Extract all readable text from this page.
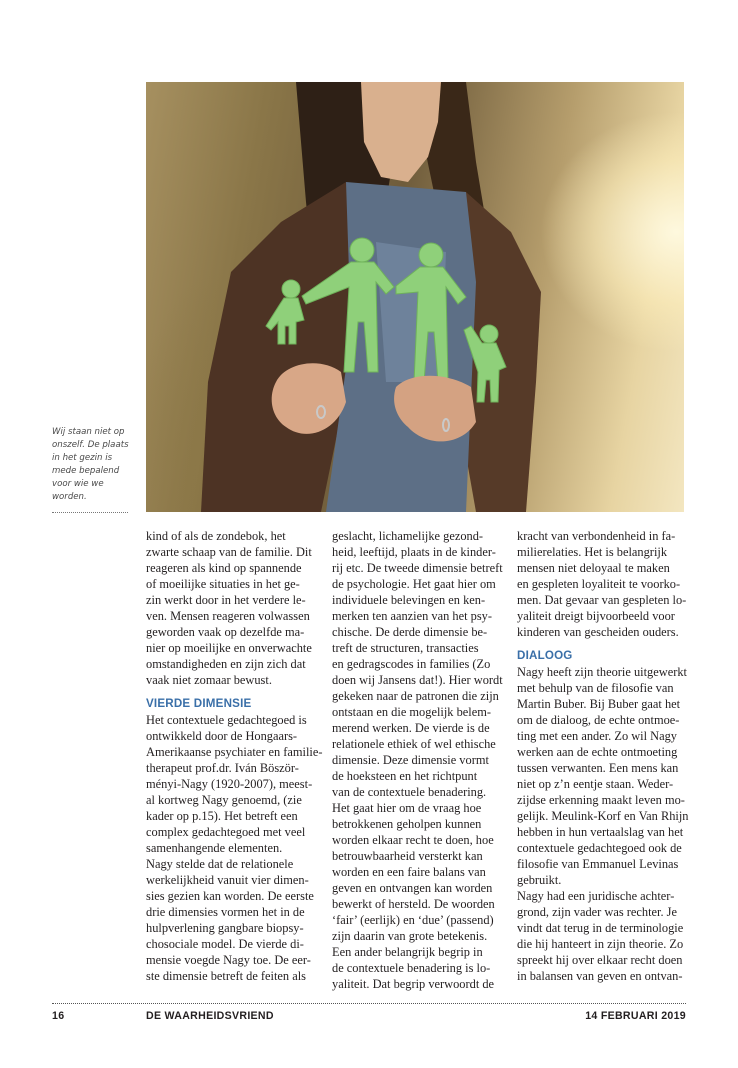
Wij staan niet op
onszelf. De plaats
in het gezin is
mede bepalend
voor wie we
worden.
kind of als de zondebok, het
zwarte schaap van de familie. Dit
reageren als kind op spannende
of moeilijke situaties in het ge-
zin werkt door in het verdere le-
ven. Mensen reageren volwassen
geworden vaak op dezelfde ma-
nier op moeilijke en onverwachte
omstandigheden en zijn zich dat
vaak niet zomaar bewust.
VIERDE DIMENSIE
Het contextuele gedachtegoed is
ontwikkeld door de Hongaars-
Amerikaanse psychiater en familie-
therapeut prof.dr. Iván Böször-
ményi-Nagy (1920-2007), meest-
al kortweg Nagy genoemd, (zie
kader op p.15). Het betreft een
complex gedachtegoed met veel
samenhangende elementen.
Nagy stelde dat de relationele
werkelijkheid vanuit vier dimen-
sies gezien kan worden. De eerste
drie dimensies vormen het in de
hulpverlening gangbare biopsy-
chosociale model. De vierde di-
mensie voegde Nagy toe. De eer-
ste dimensie betreft de feiten als
geslacht, lichamelijke gezond-
heid, leeftijd, plaats in de kinder-
rij etc. De tweede dimensie betreft
de psychologie. Het gaat hier om
individuele belevingen en ken-
merken ten aanzien van het psy-
chische. De derde dimensie be-
treft de structuren, transacties
en gedragscodes in families (Zo
doen wij Jansens dat!). Hier wordt
gekeken naar de patronen die zijn
ontstaan en die mogelijk belem-
merend werken. De vierde is de
relationele ethiek of wel ethische
dimensie. Deze dimensie vormt
de hoeksteen en het richtpunt
van de contextuele benadering.
Het gaat hier om de vraag hoe
betrokkenen geholpen kunnen
worden elkaar recht te doen, hoe
betrouwbaarheid versterkt kan
worden en een faire balans van
geven en ontvangen kan worden
bewerkt of hersteld. De woorden
‘fair’ (eerlijk) en ‘due’ (passend)
zijn daarin van grote betekenis.
Een ander belangrijk begrip in
de contextuele benadering is lo-
yaliteit. Dat begrip verwoordt de
kracht van verbondenheid in fa-
milierelaties. Het is belangrijk
mensen niet deloyaal te maken
en gespleten loyaliteit te voorko-
men. Dat gevaar van gespleten lo-
yaliteit dreigt bijvoorbeeld voor
kinderen van gescheiden ouders.
DIALOOG
Nagy heeft zijn theorie uitgewerkt
met behulp van de filosofie van
Martin Buber. Bij Buber gaat het
om de dialoog, de echte ontmoe-
ting met een ander. Zo wil Nagy
werken aan de echte ontmoeting
tussen verwanten. Een mens kan
niet op z’n eentje staan. Weder-
zijdse erkenning maakt leven mo-
gelijk. Meulink-Korf en Van Rhijn
hebben in hun vertaalslag van het
contextuele gedachtegoed ook de
filosofie van Emmanuel Levinas
gebruikt.
Nagy had een juridische achter-
grond, zijn vader was rechter. Je
vindt dat terug in de terminologie
die hij hanteert in zijn theorie. Zo
spreekt hij over elkaar recht doen
in balansen van geven en ontvan-
16	DE WAARHEIDSVRIEND	14 FEBRUARI 2019
